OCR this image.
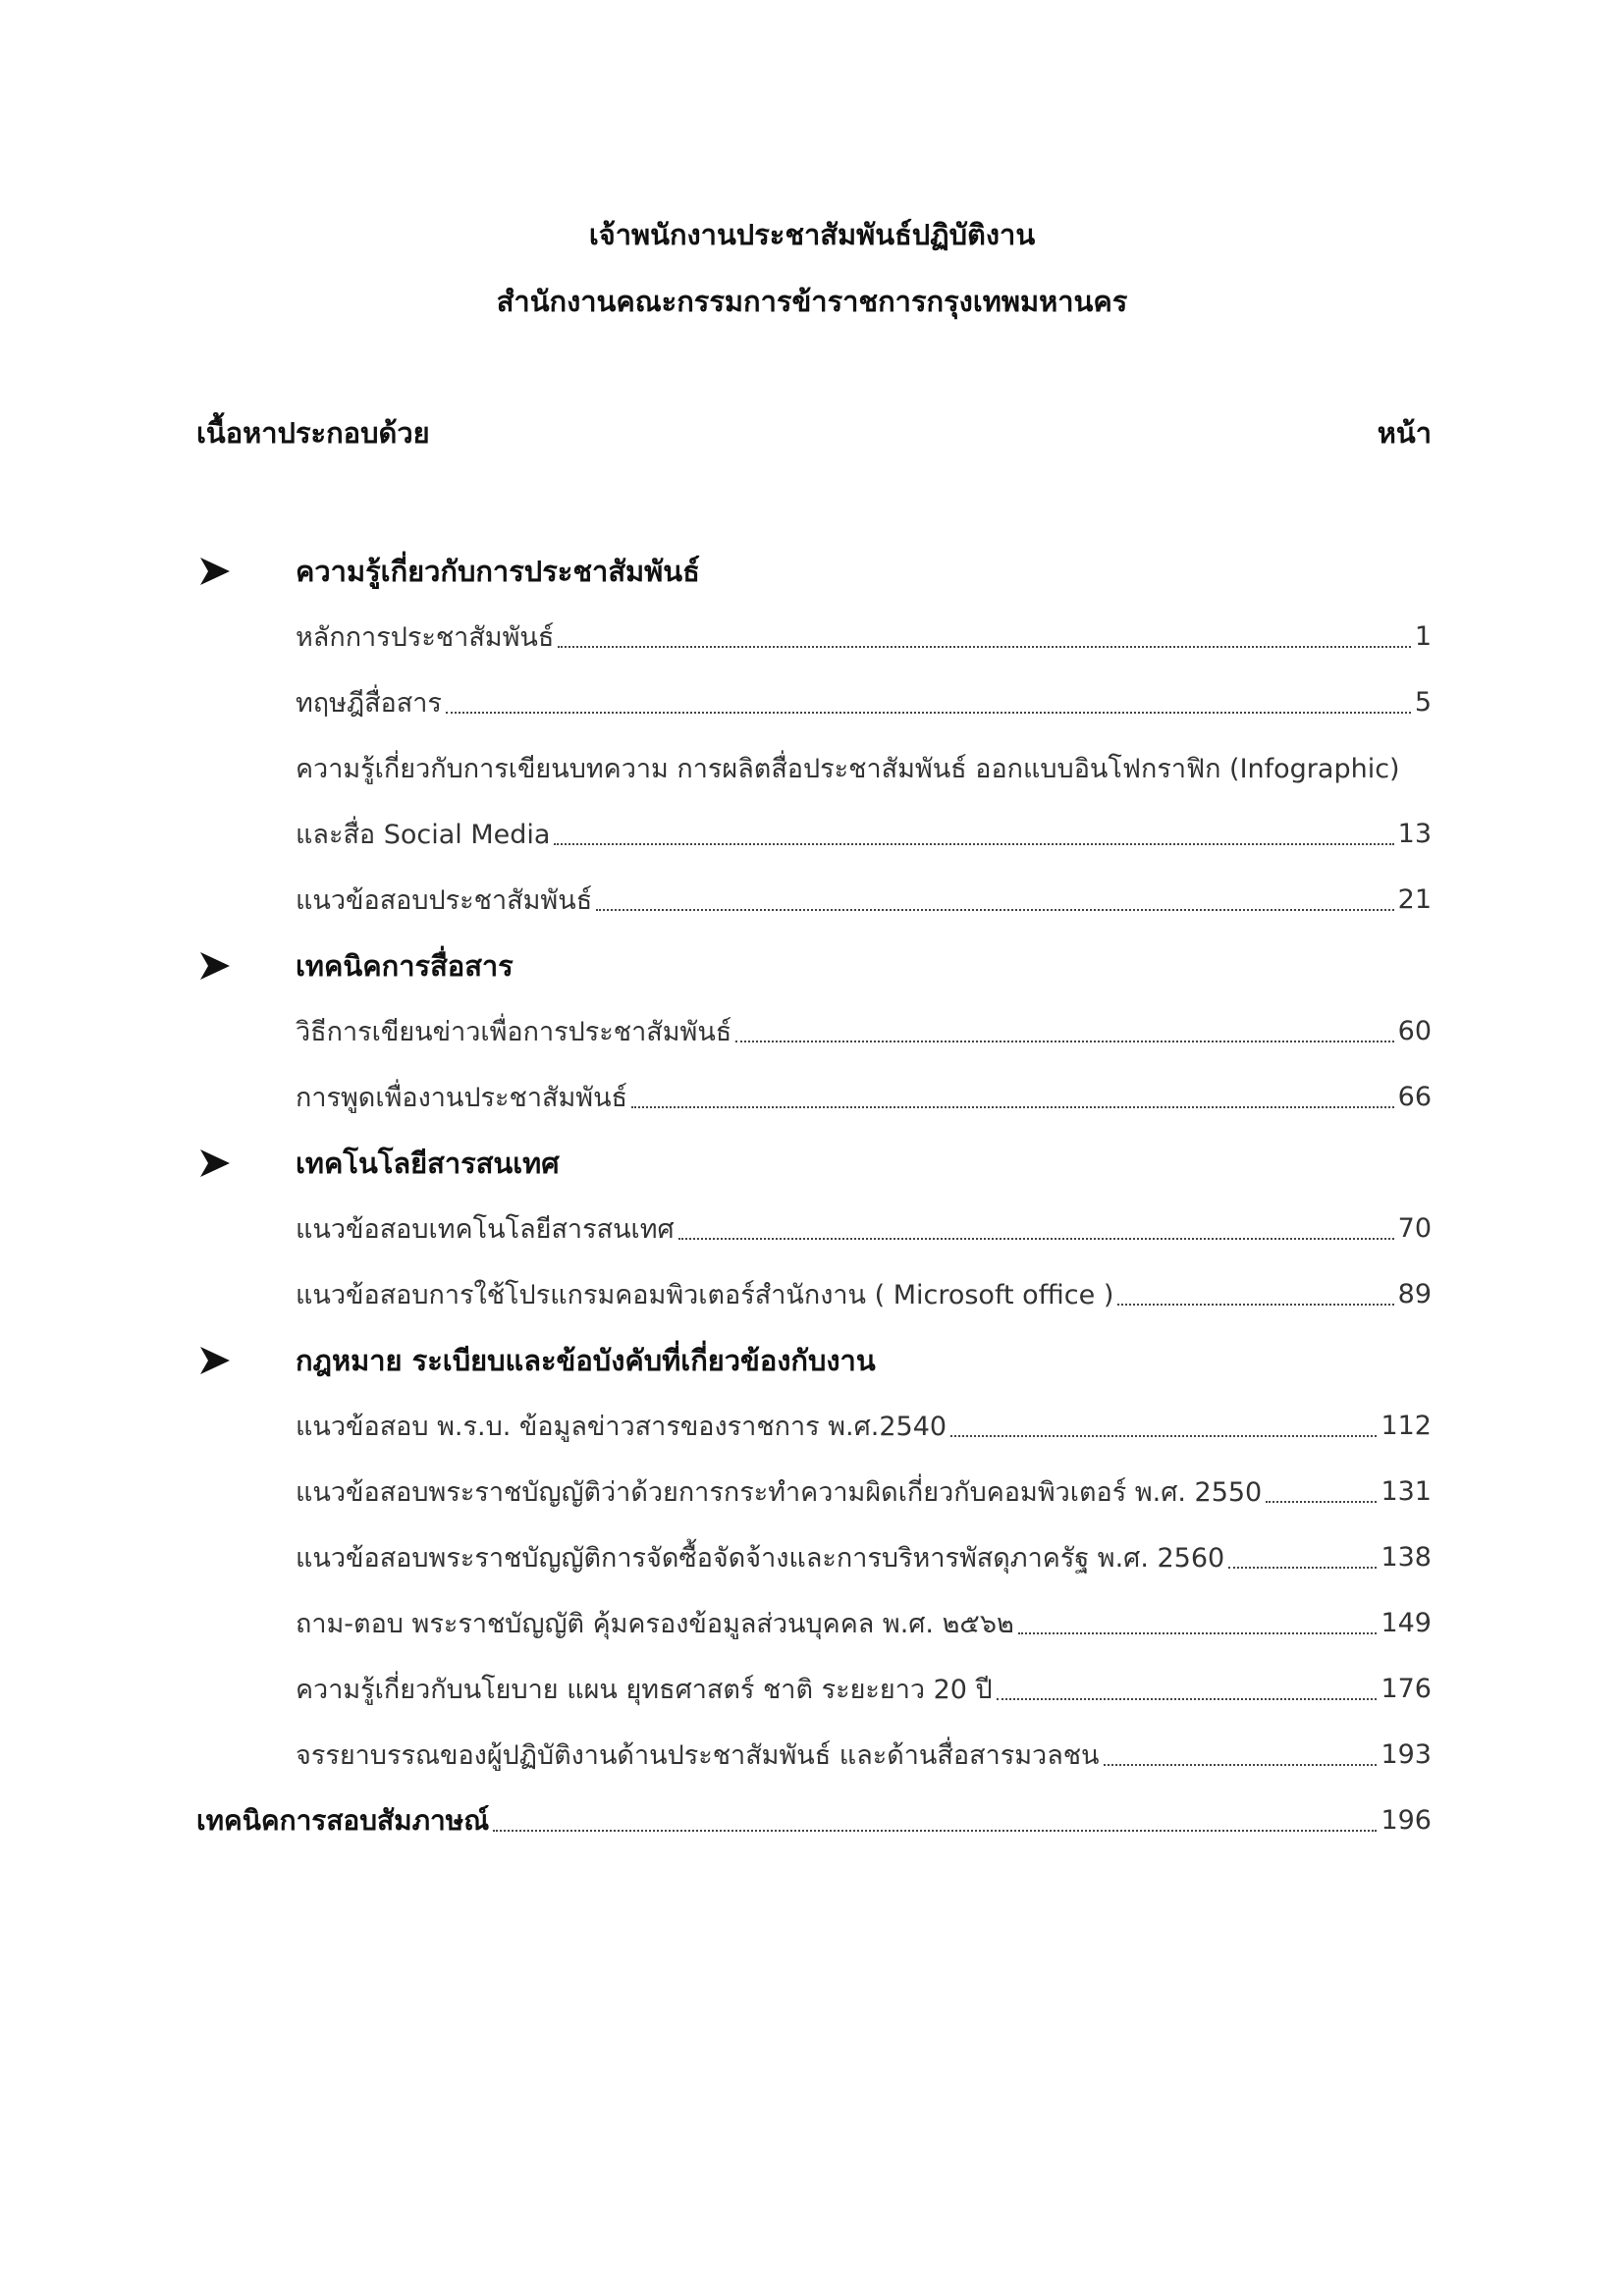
เจ้าพนักงานประชาสัมพันธ์ปฏิบัติงาน
สำนักงานคณะกรรมการข้าราชการกรุงเทพมหานคร
เนื้อหาประกอบด้วย	หน้า
ความรู้เกี่ยวกับการประชาสัมพันธ์
หลักการประชาสัมพันธ์	1
ทฤษฎีสื่อสาร	5
ความรู้เกี่ยวกับการเขียนบทความ การผลิตสื่อประชาสัมพันธ์ ออกแบบอินโฟกราฟิก (Infographic)
และสื่อ Social Media	13
แนวข้อสอบประชาสัมพันธ์	21
เทคนิคการสื่อสาร
วิธีการเขียนข่าวเพื่อการประชาสัมพันธ์	60
การพูดเพื่องานประชาสัมพันธ์	66
เทคโนโลยีสารสนเทศ
แนวข้อสอบเทคโนโลยีสารสนเทศ	70
แนวข้อสอบการใช้โปรแกรมคอมพิวเตอร์สำนักงาน ( Microsoft office )	89
กฎหมาย ระเบียบและข้อบังคับที่เกี่ยวข้องกับงาน
แนวข้อสอบ พ.ร.บ. ข้อมูลข่าวสารของราชการ พ.ศ.2540	112
แนวข้อสอบพระราชบัญญัติว่าด้วยการกระทำความผิดเกี่ยวกับคอมพิวเตอร์ พ.ศ. 2550	131
แนวข้อสอบพระราชบัญญัติการจัดซื้อจัดจ้างและการบริหารพัสดุภาครัฐ พ.ศ. 2560	138
ถาม-ตอบ พระราชบัญญัติ คุ้มครองข้อมูลส่วนบุคคล พ.ศ. ๒๕๖๒	149
ความรู้เกี่ยวกับนโยบาย แผน ยุทธศาสตร์ ชาติ ระยะยาว 20 ปี	176
จรรยาบรรณของผู้ปฏิบัติงานด้านประชาสัมพันธ์ และด้านสื่อสารมวลชน	193
เทคนิคการสอบสัมภาษณ์	196
